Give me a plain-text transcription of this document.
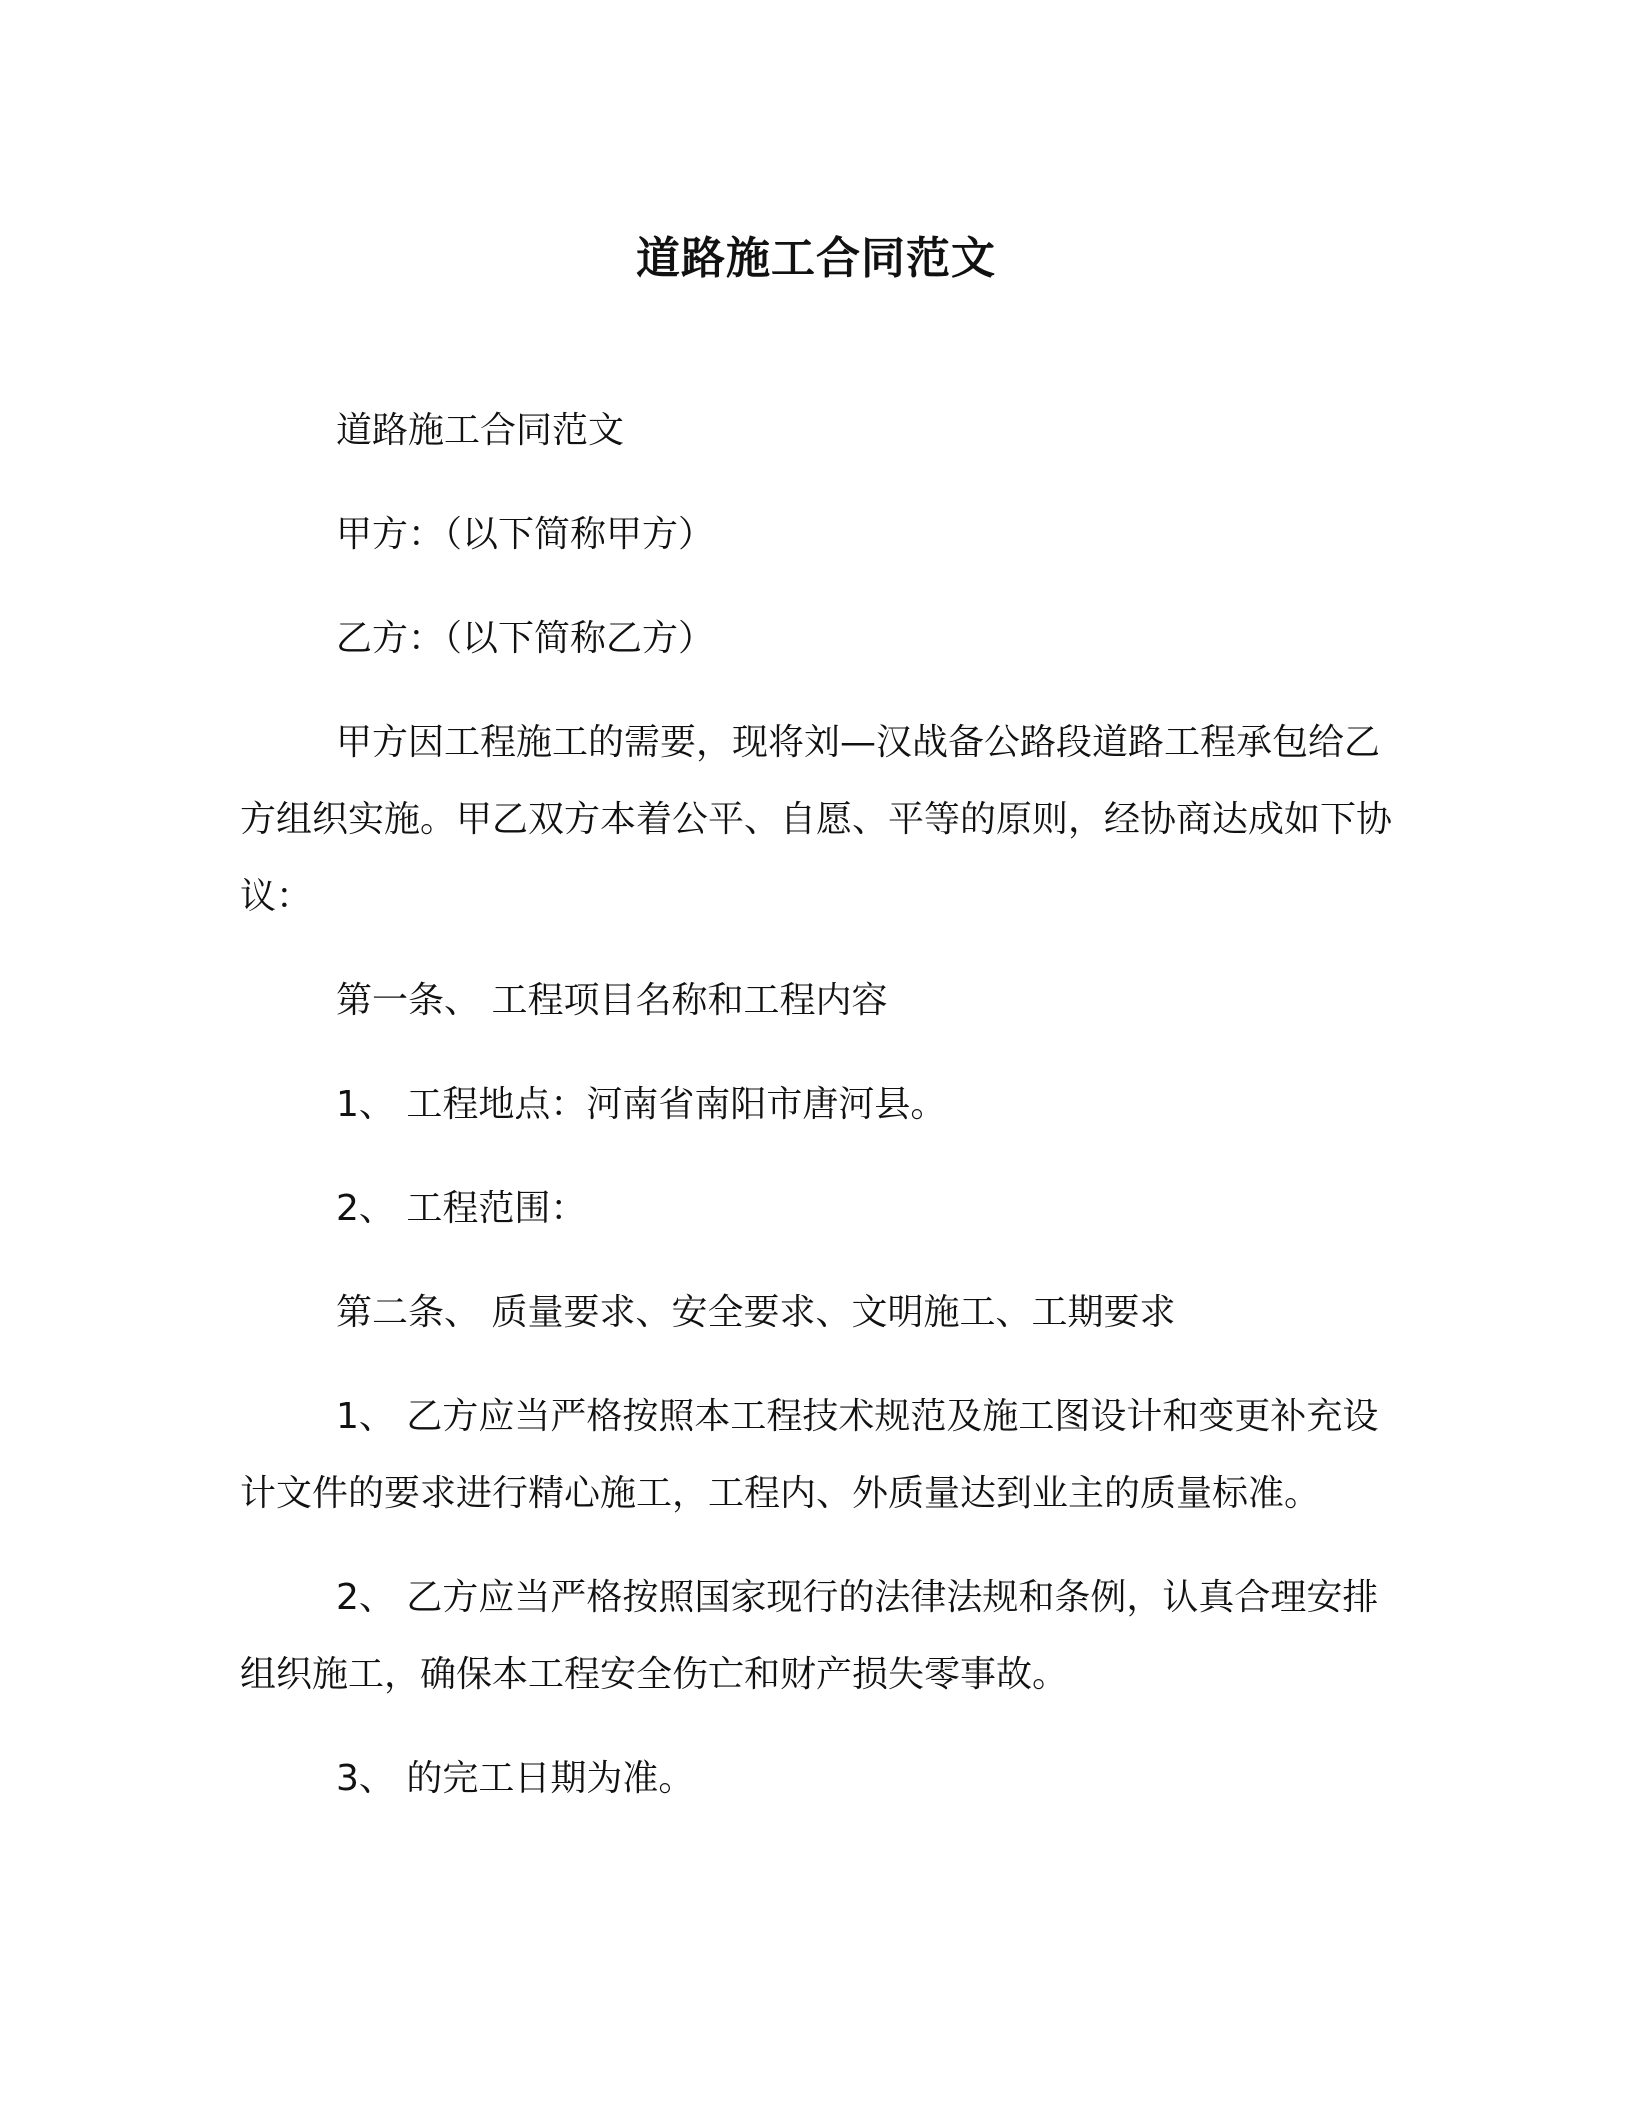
道路施工合同范文

道路施工合同范文

甲方：（以下简称甲方）

乙方：（以下简称乙方）

甲方因工程施工的需要，现将刘—汉战备公路段道路工程承包给乙方组织实施。甲乙双方本着公平、自愿、平等的原则，经协商达成如下协议：

第一条、 工程项目名称和工程内容

1、 工程地点：河南省南阳市唐河县。

2、 工程范围：

第二条、 质量要求、安全要求、文明施工、工期要求

1、 乙方应当严格按照本工程技术规范及施工图设计和变更补充设计文件的要求进行精心施工，工程内、外质量达到业主的质量标准。

2、 乙方应当严格按照国家现行的法律法规和条例，认真合理安排组织施工，确保本工程安全伤亡和财产损失零事故。

3、 的完工日期为准。
